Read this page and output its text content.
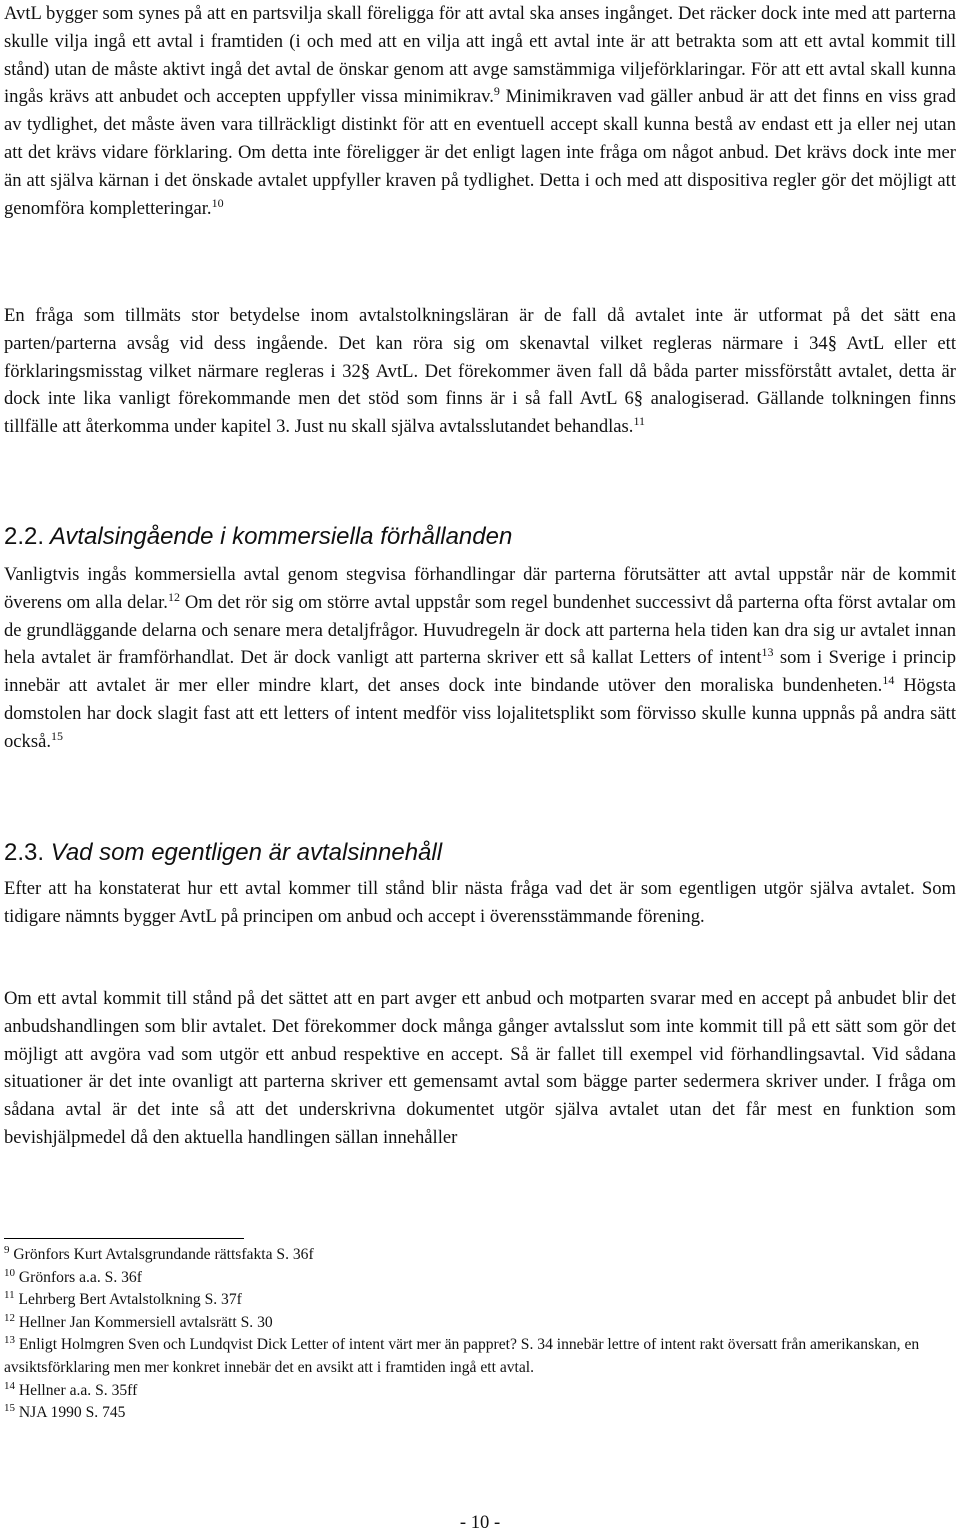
AvtL bygger som synes på att en partsvilja skall föreligga för att avtal ska anses ingånget. Det räcker dock inte med att parterna skulle vilja ingå ett avtal i framtiden (i och med att en vilja att ingå ett avtal inte är att betrakta som att ett avtal kommit till stånd) utan de måste aktivt ingå det avtal de önskar genom att avge samstämmiga viljeförklaringar. För att ett avtal skall kunna ingås krävs att anbudet och accepten uppfyller vissa minimikrav.$^9$ Minimikraven vad gäller anbud är att det finns en viss grad av tydlighet, det måste även vara tillräckligt distinkt för att en eventuell accept skall kunna bestå av endast ett ja eller nej utan att det krävs vidare förklaring. Om detta inte föreligger är det enligt lagen inte fråga om något anbud. Det krävs dock inte mer än att själva kärnan i det önskade avtalet uppfyller kraven på tydlighet. Detta i och med att dispositiva regler gör det möjligt att genomföra kompletteringar.$^{10}$

En fråga som tillmäts stor betydelse inom avtalstolkningsläran är de fall då avtalet inte är utformat på det sätt ena parten/parterna avsåg vid dess ingående. Det kan röra sig om skenavtal vilket regleras närmare i 34§ AvtL eller ett förklaringsmisstag vilket närmare regleras i 32§ AvtL. Det förekommer även fall då båda parter missförstått avtalet, detta är dock inte lika vanligt förekommande men det stöd som finns är i så fall AvtL 6§ analogiserad. Gällande tolkningen finns tillfälle att återkomma under kapitel 3. Just nu skall själva avtalsslutandet behandlas.$^{11}$

2.2. Avtalsingående i kommersiella förhållanden

Vanligtvis ingås kommersiella avtal genom stegvisa förhandlingar där parterna förutsätter att avtal uppstår när de kommit överens om alla delar.$^{12}$ Om det rör sig om större avtal uppstår som regel bundenhet successivt då parterna ofta först avtalar om de grundläggande delarna och senare mera detaljfrågor. Huvudregeln är dock att parterna hela tiden kan dra sig ur avtalet innan hela avtalet är framförhandlat. Det är dock vanligt att parterna skriver ett så kallat Letters of intent$^{13}$ som i Sverige i princip innebär att avtalet är mer eller mindre klart, det anses dock inte bindande utöver den moraliska bundenheten.$^{14}$ Högsta domstolen har dock slagit fast att ett letters of intent medför viss lojalitetsplikt som förvisso skulle kunna uppnås på andra sätt också.$^{15}$

2.3. Vad som egentligen är avtalsinnehåll

Efter att ha konstaterat hur ett avtal kommer till stånd blir nästa fråga vad det är som egentligen utgör själva avtalet. Som tidigare nämnts bygger AvtL på principen om anbud och accept i överensstämmande förening.

Om ett avtal kommit till stånd på det sättet att en part avger ett anbud och motparten svarar med en accept på anbudet blir det anbudshandlingen som blir avtalet. Det förekommer dock många gånger avtalsslut som inte kommit till på ett sätt som gör det möjligt att avgöra vad som utgör ett anbud respektive en accept. Så är fallet till exempel vid förhandlingsavtal. Vid sådana situationer är det inte ovanligt att parterna skriver ett gemensamt avtal som bägge parter sedermera skriver under. I fråga om sådana avtal är det inte så att det underskrivna dokumentet utgör själva avtalet utan det får mest en funktion som bevishjälpmedel då den aktuella handlingen sällan innehåller

$^9$ Grönfors Kurt Avtalsgrundande rättsfakta S. 36f

$^{10}$ Grönfors a.a. S. 36f

$^{11}$ Lehrberg Bert Avtalstolkning S. 37f

$^{12}$ Hellner Jan Kommersiell avtalsrätt S. 30

$^{13}$ Enligt Holmgren Sven och Lundqvist Dick Letter of intent värt mer än pappret? S. 34 innebär lettre of intent rakt översatt från amerikanskan, en avsiktsförklaring men mer konkret innebär det en avsikt att i framtiden ingå ett avtal.

$^{14}$ Hellner a.a. S. 35ff

$^{15}$ NJA 1990 S. 745

- 10 -
